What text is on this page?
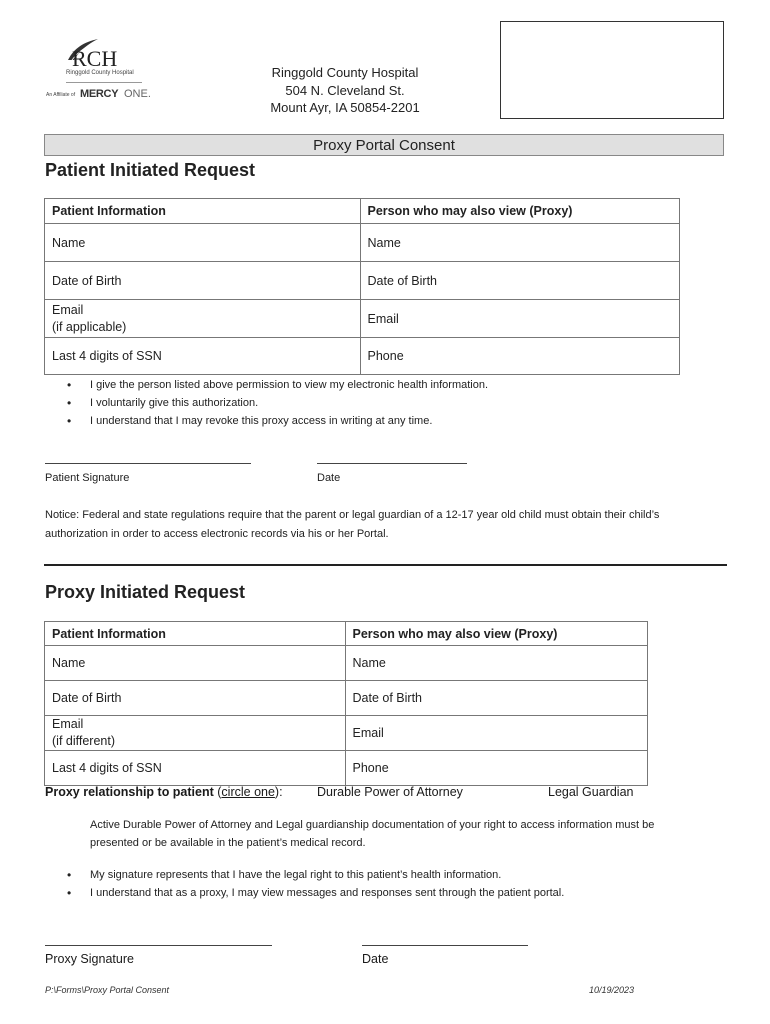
RCH
Ringgold County Hospital
An Affiliate of MERCY ONE.
Ringgold County Hospital
504 N. Cleveland St.
Mount Ayr, IA 50854-2201
Proxy Portal Consent
Patient Initiated Request
Patient Information	Person who may also view (Proxy)
Name	Name
Date of Birth	Date of Birth

Email
(if applicable)	Email
Last 4 digits of SSN	Phone
• I give the person listed above permission to view my electronic health information.
• I voluntarily give this authorization.
• I understand that I may revoke this proxy access in writing at any time.
Patient Signature	Date
Notice: Federal and state regulations require that the parent or legal guardian of a 12-17 year old child must obtain their child’s
authorization in order to access electronic records via his or her Portal.
Proxy Initiated Request
Patient Information	Person who may also view (Proxy)
Name	Name
Date of Birth	Date of Birth

Email
(if different)	Email
Last 4 digits of SSN	Phone
Proxy relationship to patient (circle one):	Durable Power of Attorney	Legal Guardian
Active Durable Power of Attorney and Legal guardianship documentation of your right to access information must be
presented or be available in the patient’s medical record.
• My signature represents that I have the legal right to this patient’s health information.
• I understand that as a proxy, I may view messages and responses sent through the patient portal.
Proxy Signature	Date
P:\Forms\Proxy Portal Consent	10/19/2023
